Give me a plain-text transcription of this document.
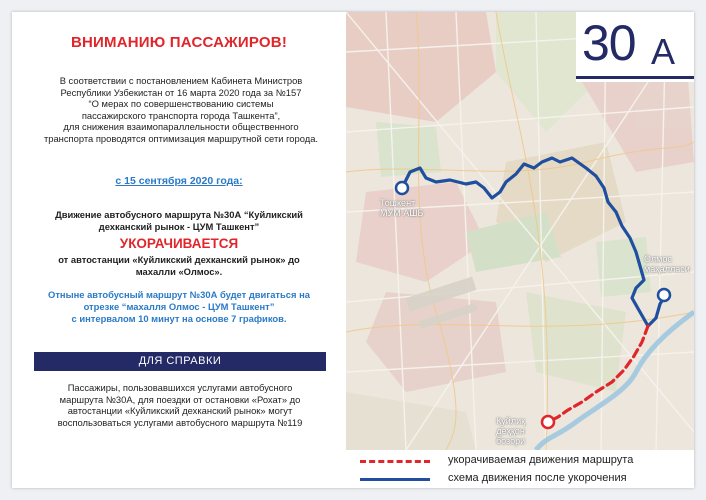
ВНИМАНИЮ ПАССАЖИРОВ!
В соответствии с постановлением Кабинета Министров
Республики Узбекистан от 16 марта 2020 года за №157
“О мерах по совершенствованию системы
пассажирского транспорта города Ташкента”,
для снижения взаимопараллельности общественного
транспорта проводятся оптимизация маршрутной сети города.
с 15 сентября 2020 года:
Движение автобусного маршрута №30А “Куйликский
дехканский рынок - ЦУМ Ташкент”
УКОРАЧИВАЕТСЯ
от автостанции «Куйликский дехканский рынок» до
махалли «Олмос».
Отныне автобусный маршрут №30А будет двигаться на
отрезке “махалля Олмос - ЦУМ Ташкент”
с интервалом 10 минут на основе 7 графиков.
ДЛЯ СПРАВКИ
Пассажиры, пользовавшихся услугами автобусного
маршрута №30А, для поездки от остановки «Рохат» до
автостанции «Куйликский дехканский рынок» могут
воспользоваться услугами автобусного маршрута №119
Тошкент
МУМ АШБ
Олмос
маҳалласи
Қуйлиқ
деҳқон
бозори
30 А
укорачиваемая движения маршрута
схема движения после укорочения
